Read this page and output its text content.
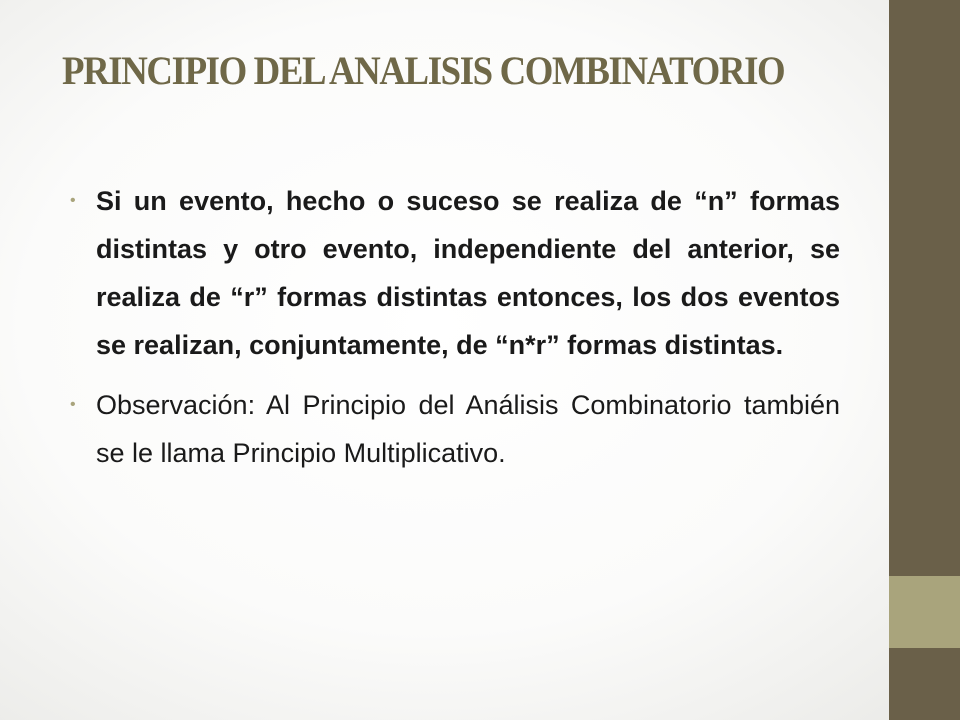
PRINCIPIO DEL ANALISIS COMBINATORIO
• Si un evento, hecho o suceso se realiza de “n” formas distintas y otro evento, independiente del anterior, se realiza de “r” formas distintas entonces, los dos eventos se realizan, conjuntamente, de “n*r” formas distintas.

• Observación: Al Principio del Análisis Combinatorio también se le llama Principio Multiplicativo.
